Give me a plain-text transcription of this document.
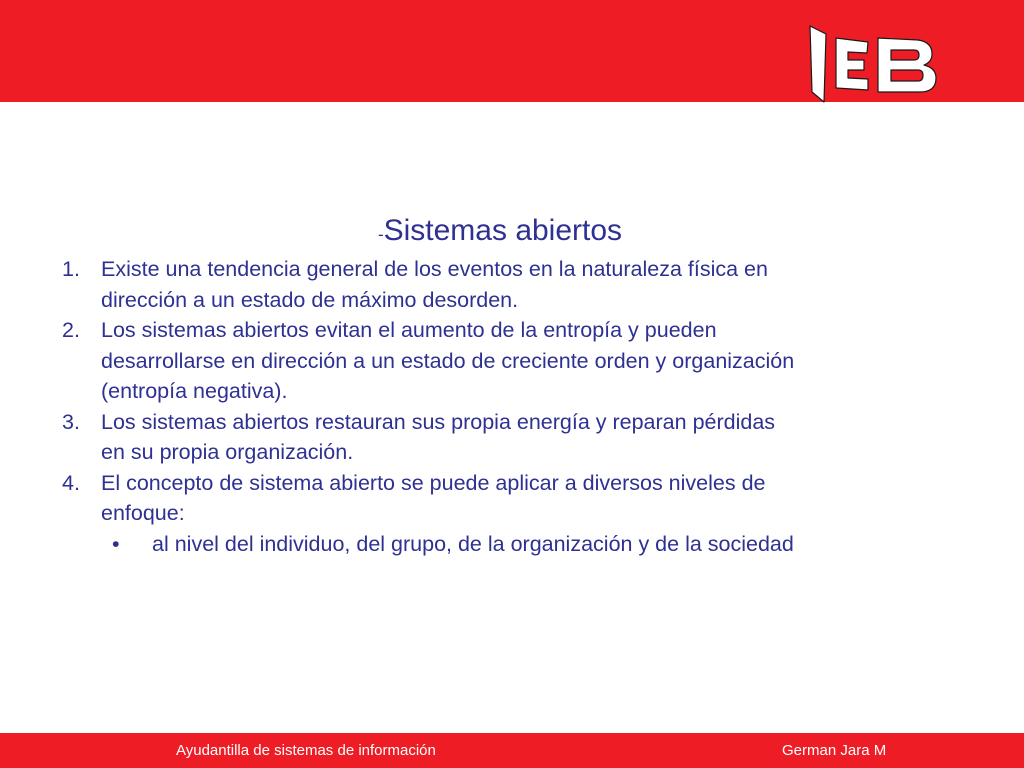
-Sistemas abiertos
1. Existe una tendencia general de los eventos en la naturaleza física en
dirección a un estado de máximo desorden.
2. Los sistemas abiertos evitan el aumento de la entropía y pueden
desarrollarse en dirección a un estado de creciente orden y organización
(entropía negativa).
3. Los sistemas abiertos restauran sus propia energía y reparan pérdidas
en su propia organización.
4. El concepto de sistema abierto se puede aplicar a diversos niveles de
enfoque:
• al nivel del individuo, del grupo, de la organización y de la sociedad
Ayudantilla de sistemas de información	German Jara M
